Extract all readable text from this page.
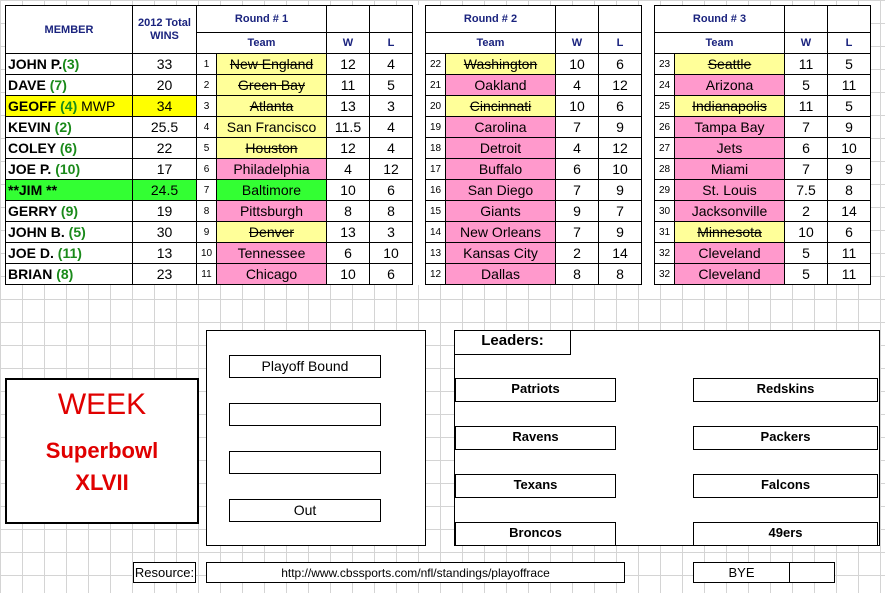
MEMBER	2012 Total WINS	Round # 1					Round # 2					Round # 3			
		Team		W	L		Team		W	L		Team		W	L
JOHN P.(3)	33	1	New England	12	4		22	Washington	10	6		23	Seattle	11	5
DAVE (7)	20	2	Green Bay	11	5		21	Oakland	4	12		24	Arizona	5	11
GEOFF (4) MWP	34	3	Atlanta	13	3		20	Cincinnati	10	6		25	Indianapolis	11	5
KEVIN (2)	25.5	4	San Francisco	11.5	4		19	Carolina	7	9		26	Tampa Bay	7	9
COLEY (6)	22	5	Houston	12	4		18	Detroit	4	12		27	Jets	6	10
JOE P. (10)	17	6	Philadelphia	4	12		17	Buffalo	6	10		28	Miami	7	9
**JIM **	24.5	7	Baltimore	10	6		16	San Diego	7	9		29	St. Louis	7.5	8
GERRY (9)	19	8	Pittsburgh	8	8		15	Giants	9	7		30	Jacksonville	2	14
JOHN B. (5)	30	9	Denver	13	3		14	New Orleans	7	9		31	Minnesota	10	6
JOE D. (11)	13	10	Tennessee	6	10		13	Kansas City	2	14		32	Cleveland	5	11
BRIAN (8)	23	11	Chicago	10	6		12	Dallas	8	8		32	Cleveland	5	11
WEEK
Superbowl
XLVII
Playoff Bound
Out
Leaders:
Patriots
Ravens
Texans
Broncos
Redskins
Packers
Falcons
49ers
Resource:	http://www.cbssports.com/nfl/standings/playoffrace	BYE
